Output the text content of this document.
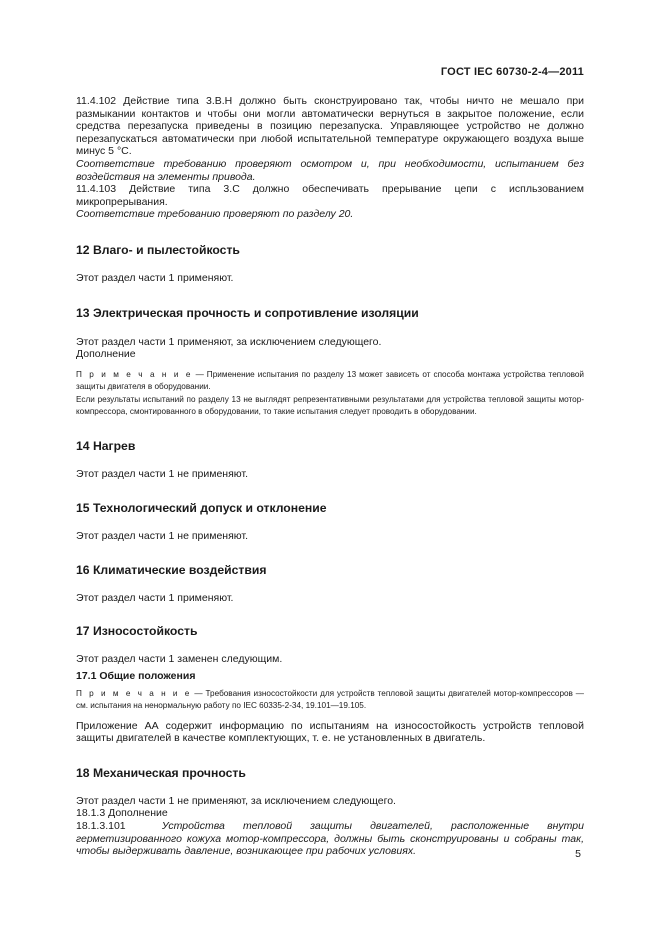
ГОСТ IEC 60730-2-4—2011

11.4.102 Действие типа 3.В.Н должно быть сконструировано так, чтобы ничто не мешало при размыкании контактов и чтобы они могли автоматически вернуться в закрытое положение, если средства перезапуска приведены в позицию перезапуска. Управляющее устройство не должно перезапускаться автоматически при любой испытательной температуре окружающего воздуха выше минус 5 °С.

Соответствие требованию проверяют осмотром и, при необходимости, испытанием без воздействия на элементы привода.

11.4.103 Действие типа 3.С должно обеспечивать прерывание цепи с испльзованием микропрерывания.

Соответствие требованию проверяют по разделу 20.

12 Влаго- и пылестойкость

Этот раздел части 1 применяют.

13 Электрическая прочность и сопротивление изоляции

Этот раздел части 1 применяют, за исключением следующего.

Дополнение

П р и м е ч а н и е — Применение испытания по разделу 13 может зависеть от способа монтажа устройства тепловой защиты двигателя в оборудовании.

Если результаты испытаний по разделу 13 не выглядят репрезентативными результатами для устройства тепловой защиты мотор-компрессора, смонтированного в оборудовании, то такие испытания следует проводить в оборудовании.

14 Нагрев

Этот раздел части 1 не применяют.

15 Технологический допуск и отклонение

Этот раздел части 1 не применяют.

16 Климатические воздействия

Этот раздел части 1 применяют.

17 Износостойкость

Этот раздел части 1 заменен следующим.

17.1 Общие положения

П р и м е ч а н и е — Требования износостойкости для устройств тепловой защиты двигателей мотор-компрессоров — см. испытания на ненормальную работу по IEC 60335-2-34, 19.101—19.105.

Приложение АА содержит информацию по испытаниям на износостойкость устройств тепловой защиты двигателей в качестве комплектующих, т. е. не установленных в двигатель.

18 Механическая прочность

Этот раздел части 1 не применяют, за исключением следующего.

18.1.3 Дополнение

18.1.3.101	Устройства тепловой защиты двигателей, расположенные внутри герметизированного кожуха мотор-компрессора, должны быть сконструированы и собраны так, чтобы выдерживать давление, возникающее при рабочих условиях.	5
